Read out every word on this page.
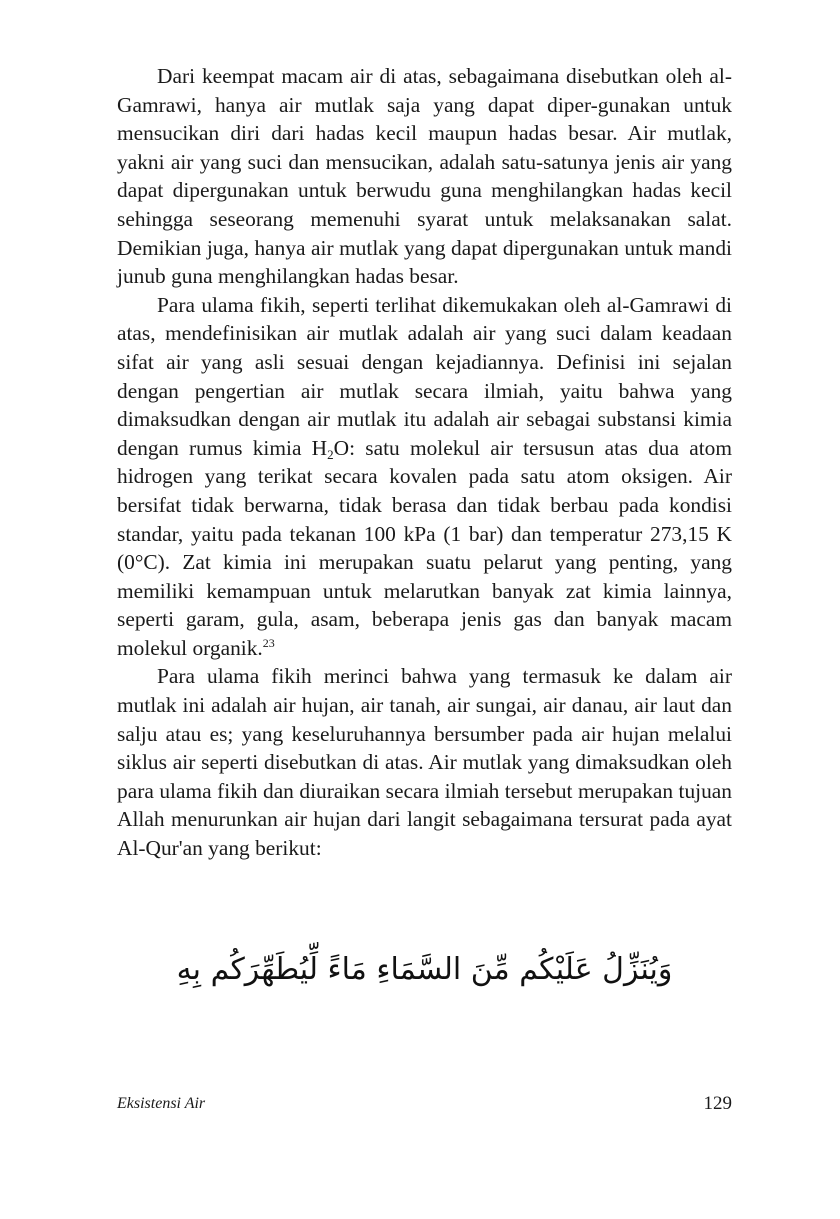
Dari keempat macam air di atas, sebagaimana disebutkan oleh al-Gamrawi, hanya air mutlak saja yang dapat diper-gunakan untuk mensucikan diri dari hadas kecil maupun hadas besar. Air mutlak, yakni air yang suci dan mensucikan, adalah satu-satunya jenis air yang dapat dipergunakan untuk berwudu guna menghilangkan hadas kecil sehingga seseorang memenuhi syarat untuk melaksanakan salat. Demikian juga, hanya air mutlak yang dapat dipergunakan untuk mandi junub guna menghilangkan hadas besar.

Para ulama fikih, seperti terlihat dikemukakan oleh al-Gamrawi di atas, mendefinisikan air mutlak adalah air yang suci dalam keadaan sifat air yang asli sesuai dengan kejadiannya. Definisi ini sejalan dengan pengertian air mutlak secara ilmiah, yaitu bahwa yang dimaksudkan dengan air mutlak itu adalah air sebagai substansi kimia dengan rumus kimia $H_2O$: satu molekul air tersusun atas dua atom hidrogen yang terikat secara kovalen pada satu atom oksigen. Air bersifat tidak berwarna, tidak berasa dan tidak berbau pada kondisi standar, yaitu pada tekanan 100 kPa (1 bar) dan temperatur 273,15 K (0°C). Zat kimia ini merupakan suatu pelarut yang penting, yang memiliki kemampuan untuk melarutkan banyak zat kimia lainnya, seperti garam, gula, asam, beberapa jenis gas dan banyak macam molekul organik.$^{23}$

Para ulama fikih merinci bahwa yang termasuk ke dalam air mutlak ini adalah air hujan, air tanah, air sungai, air danau, air laut dan salju atau es; yang keseluruhannya bersumber pada air hujan melalui siklus air seperti disebutkan di atas. Air mutlak yang dimaksudkan oleh para ulama fikih dan diuraikan secara ilmiah tersebut merupakan tujuan Allah menurunkan air hujan dari langit sebagaimana tersurat pada ayat Al-Qur'an yang berikut:

وَيُنَزِّلُ عَلَيْكُم مِّنَ السَّمَاءِ مَاءً لِّيُطَهِّرَكُم بِهِ
Eksistensi Air	129
